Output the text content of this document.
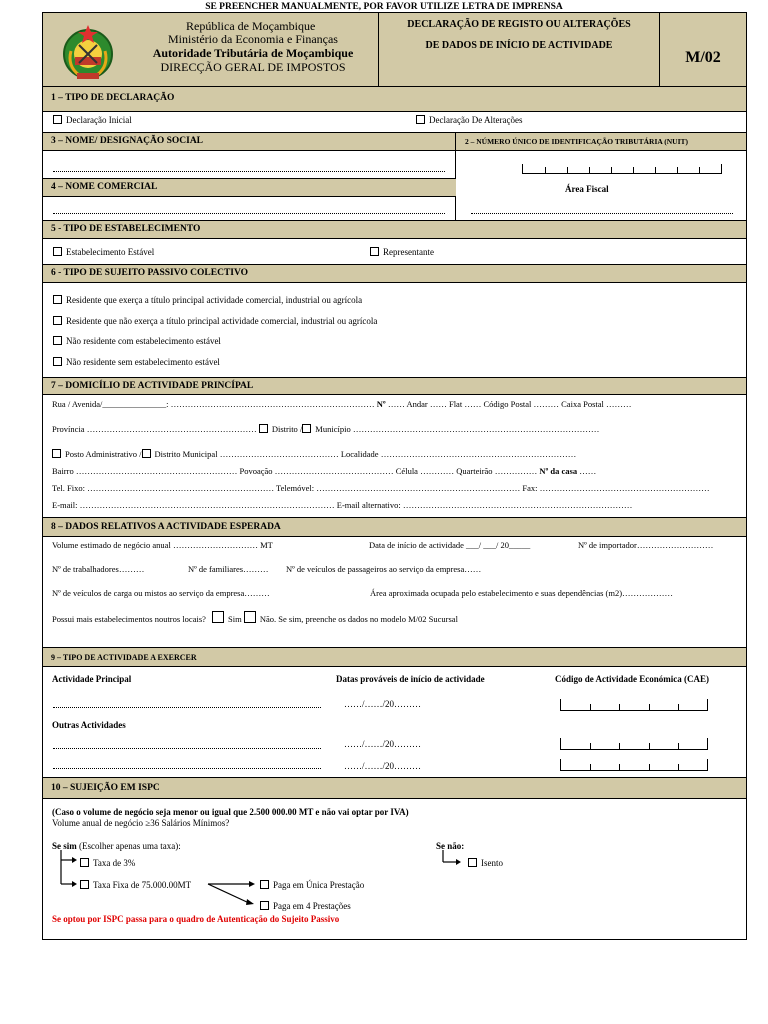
SE PREENCHER MANUALMENTE, POR FAVOR UTILIZE LETRA DE IMPRENSA
República de Moçambique
Ministério da Economia e Finanças
Autoridade Tributária de Moçambique
DIRECÇÃO GERAL DE IMPOSTOS
DECLARAÇÃO DE REGISTO OU ALTERAÇÕES
DE DADOS DE INÍCIO DE ACTIVIDADE
M/02
1 – TIPO DE DECLARAÇÃO
Declaração Inicial	Declaração De Alterações
3 – NOME/ DESIGNAÇÃO SOCIAL	2 – NÚMERO ÚNICO DE IDENTIFICAÇÃO TRIBUTÁRIA (NUIT)
Área Fiscal
4 – NOME COMERCIAL
5 - TIPO DE ESTABELECIMENTO
Estabelecimento Estável	Representante
6 - TIPO DE SUJEITO PASSIVO COLECTIVO
Residente que exerça a título principal actividade comercial, industrial ou agrícola
Residente que não exerça a título principal actividade comercial, industrial ou agrícola
Não residente com estabelecimento estável
Não residente sem estabelecimento estável
7 – DOMICÍLIO DE ACTIVIDADE PRINCÍPAL
Rua / Avenida/_______________: ……………………………………………………………… Nº …… Andar …… Flat …… Código Postal ……… Caixa Postal ………
Província …………………………………………………… Distrito / Município ……………………………………………………………………………
Posto Administrativo / Distrito Municipal …………………………………… Localidade ……………………………………………………………
Bairro ………………………………………………… Povoação …………………………………… Célula ………… Quarteirão …………… Nº da casa ……
Tel. Fixo: ………………………………………………………… Telemóvel: ……………………………………………………………… Fax: ……………………………………………………
E-mail: ……………………………………………………………………………… E-mail alternativo: ………………………………………………………………………
8 – DADOS RELATIVOS A ACTIVIDADE ESPERADA
Volume estimado de negócio anual ………………………… MT	Data de início de actividade ___/ ___/ 20_____	Nº de importador………………………
Nº de trabalhadores………	Nº de familiares……… Nº de veículos de passageiros ao serviço da empresa……
Nº de veículos de carga ou mistos ao serviço da empresa………	Área aproximada ocupada pelo estabelecimento e suas dependências (m2)………………
Possui mais estabelecimentos noutros locais?	Sim Não. Se sim, preenche os dados no modelo M/02 Sucursal
9 – TIPO DE ACTIVIDADE A EXERCER
Actividade Principal	Datas prováveis de início de actividade	Código de Actividade Económica (CAE)
……/……/20………
Outras Actividades
……/……/20………
……/……/20………
10 – SUJEIÇÃO EM ISPC
(Caso o volume de negócio seja menor ou igual que 2.500 000.00 MT e não vai optar por IVA)
Volume anual de negócio ≥36 Salários Mínimos?
Se sim (Escolher apenas uma taxa):	Se não:
Taxa de 3%
Taxa Fixa de 75.000.00MT	Paga em Única Prestação
Paga em 4 Prestações
Isento
Se optou por ISPC passa para o quadro de Autenticação do Sujeito Passivo
